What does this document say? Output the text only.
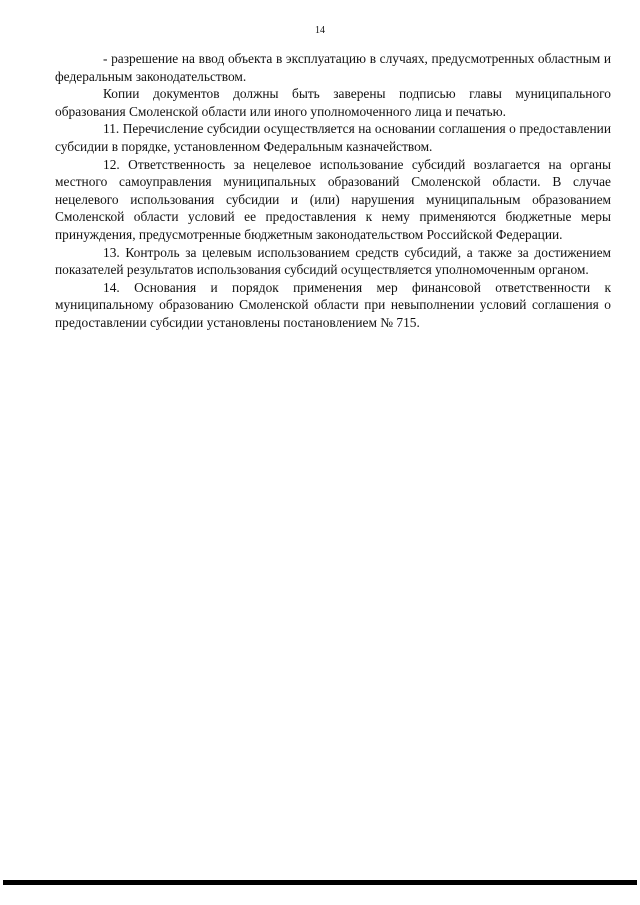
14

- разрешение на ввод объекта в эксплуатацию в случаях, предусмотренных областным и федеральным законодательством.

Копии документов должны быть заверены подписью главы муниципального образования Смоленской области или иного уполномоченного лица и печатью.

11. Перечисление субсидии осуществляется на основании соглашения о предоставлении субсидии в порядке, установленном Федеральным казначейством.

12. Ответственность за нецелевое использование субсидий возлагается на органы местного самоуправления муниципальных образований Смоленской области. В случае нецелевого использования субсидии и (или) нарушения муниципальным образованием Смоленской области условий ее предоставления к нему применяются бюджетные меры принуждения, предусмотренные бюджетным законодательством Российской Федерации.

13. Контроль за целевым использованием средств субсидий, а также за достижением показателей результатов использования субсидий осуществляется уполномоченным органом.

14. Основания и порядок применения мер финансовой ответственности к муниципальному образованию Смоленской области при невыполнении условий соглашения о предоставлении субсидии установлены постановлением № 715.
